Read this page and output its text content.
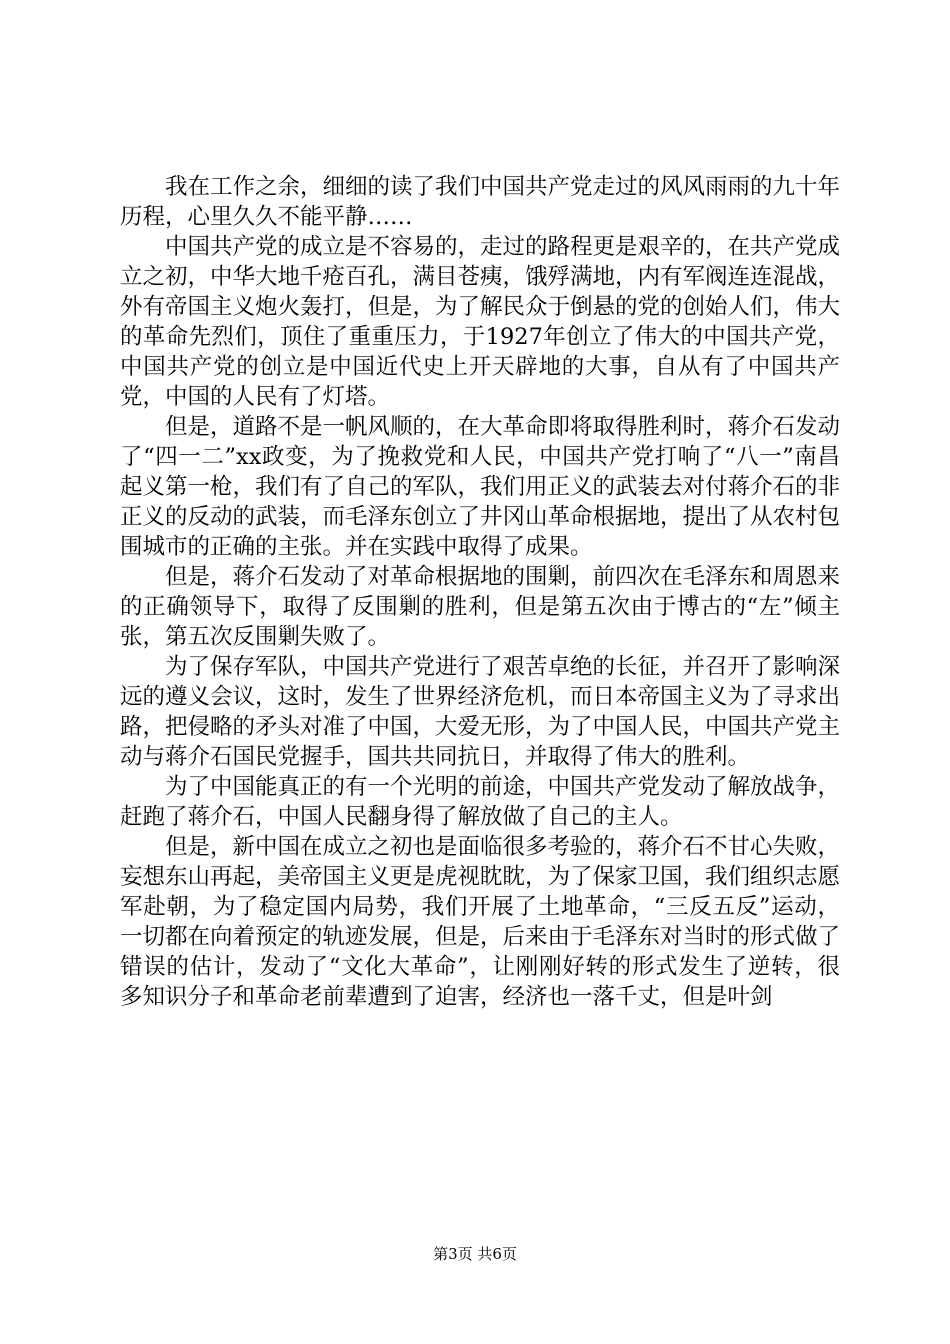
我在工作之余，细细的读了我们中国共产党走过的风风雨雨的九十年历程，心里久久不能平静……

中国共产党的成立是不容易的，走过的路程更是艰辛的，在共产党成立之初，中华大地千疮百孔，满目苍痍，饿殍满地，内有军阀连连混战，外有帝国主义炮火轰打，但是，为了解民众于倒悬的党的创始人们，伟大的革命先烈们，顶住了重重压力，于1927年创立了伟大的中国共产党，中国共产党的创立是中国近代史上开天辟地的大事，自从有了中国共产党，中国的人民有了灯塔。

但是，道路不是一帆风顺的，在大革命即将取得胜利时，蒋介石发动了“四一二”xx政变，为了挽救党和人民，中国共产党打响了“八一”南昌起义第一枪，我们有了自己的军队，我们用正义的武装去对付蒋介石的非正义的反动的武装，而毛泽东创立了井冈山革命根据地，提出了从农村包围城市的正确的主张。并在实践中取得了成果。

但是，蒋介石发动了对革命根据地的围剿，前四次在毛泽东和周恩来的正确领导下，取得了反围剿的胜利，但是第五次由于博古的“左”倾主张，第五次反围剿失败了。

为了保存军队，中国共产党进行了艰苦卓绝的长征，并召开了影响深远的遵义会议，这时，发生了世界经济危机，而日本帝国主义为了寻求出路，把侵略的矛头对准了中国，大爱无形，为了中国人民，中国共产党主动与蒋介石国民党握手，国共共同抗日，并取得了伟大的胜利。

为了中国能真正的有一个光明的前途，中国共产党发动了解放战争，赶跑了蒋介石，中国人民翻身得了解放做了自己的主人。

但是，新中国在成立之初也是面临很多考验的，蒋介石不甘心失败，妄想东山再起，美帝国主义更是虎视眈眈，为了保家卫国，我们组织志愿军赴朝，为了稳定国内局势，我们开展了土地革命，“三反五反”运动，一切都在向着预定的轨迹发展，但是，后来由于毛泽东对当时的形式做了错误的估计，发动了“文化大革命”，让刚刚好转的形式发生了逆转，很多知识分子和革命老前辈遭到了迫害，经济也一落千丈，但是叶剑

第3页 共6页
